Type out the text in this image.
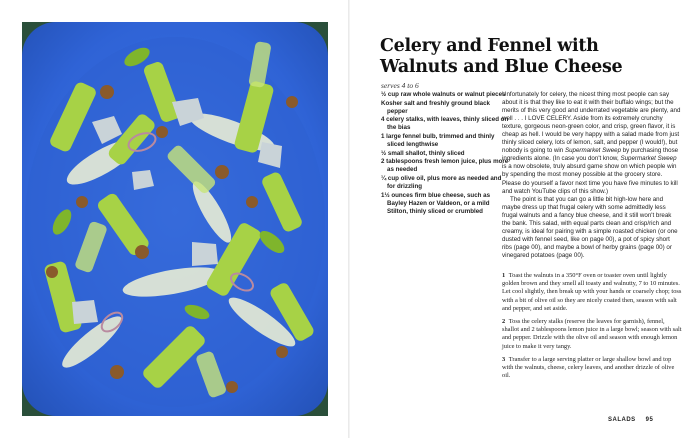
Celery and Fennel with Walnuts and Blue Cheese
serves 4 to 6
½ cup raw whole walnuts or walnut pieces
Kosher salt and freshly ground black pepper
4 celery stalks, with leaves, thinly sliced on the bias
1 large fennel bulb, trimmed and thinly sliced lengthwise
½ small shallot, thinly sliced
2 tablespoons fresh lemon juice, plus more as needed
¼ cup olive oil, plus more as needed and for drizzling
1½ ounces firm blue cheese, such as Bayley Hazen or Valdeon, or a mild Stilton, thinly sliced or crumbled

Unfortunately for celery, the nicest thing most people can say about it is that they like to eat it with their buffalo wings; but the merits of this very good and underrated vegetable are plenty, and well . . . I LOVE CELERY. Aside from its extremely crunchy texture, gorgeous neon-green color, and crisp, green flavor, it is cheap as hell. I would be very happy with a salad made from just thinly sliced celery, lots of lemon, salt, and pepper (I would!), but nobody is going to win Supermarket Sweep by purchasing those ingredients alone. (In case you don't know, Supermarket Sweep is a now obsolete, truly absurd game show on which people win by spending the most money possible at the grocery store. Please do yourself a favor next time you have five minutes to kill and watch YouTube clips of this show.)

The point is that you can go a little bit high-low here and maybe dress up that frugal celery with some admittedly less frugal walnuts and a fancy blue cheese, and it still won't break the bank. This salad, with equal parts clean and crisp/rich and creamy, is ideal for pairing with a simple roasted chicken (or one dusted with fennel seed, like on page 00), a pot of spicy short ribs (page 00), and maybe a bowl of herby grains (page 00) or vinegared potatoes (page 00).

1 Toast the walnuts in a 350°F oven or toaster oven until lightly golden brown and they smell all toasty and walnutty, 7 to 10 minutes. Let cool slightly, then break up with your hands or coarsely chop; toss with a bit of olive oil so they are nicely coated then, season with salt and pepper, and set aside.

2 Toss the celery stalks (reserve the leaves for garnish), fennel, shallot and 2 tablespoons lemon juice in a large bowl; season with salt and pepper. Drizzle with the olive oil and season with enough lemon juice to make it very tangy.

3 Transfer to a large serving platter or large shallow bowl and top with the walnuts, cheese, celery leaves, and another drizzle of olive oil.

SALADS 95
